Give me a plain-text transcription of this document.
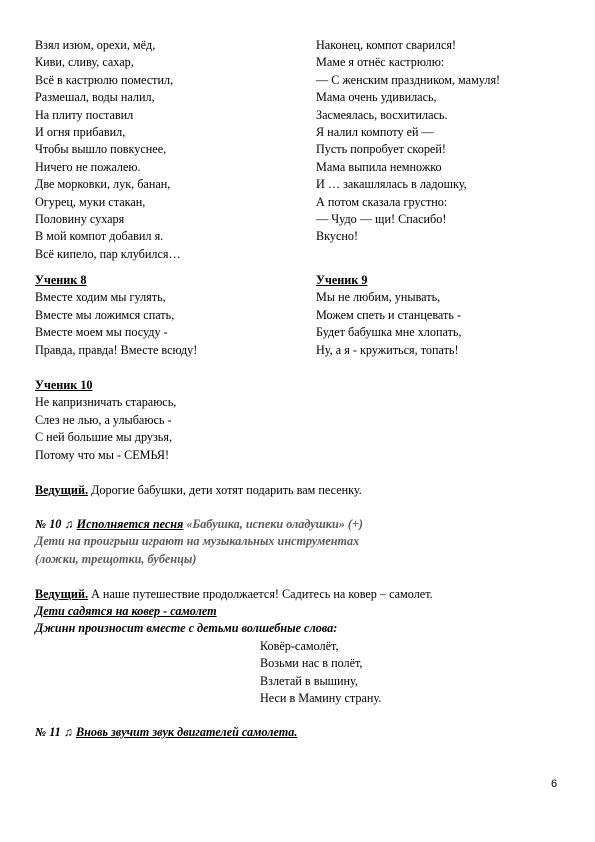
Взял изюм, орехи, мёд,
Киви, сливу, сахар,
Всё в кастрюлю поместил,
Размешал, воды налил,
На плиту поставил
И огня прибавил,
Чтобы вышло повкуснее,
Ничего не пожалею.
Две морковки, лук, банан,
Огурец, муки стакан,
Половину сухаря
В мой компот добавил я.
Всё кипело, пар клубился…
Наконец, компот сварился!
Маме я отнёс кастрюлю:
— С женским праздником, мамуля!
Мама очень удивилась,
Засмеялась, восхитилась.
Я налил компоту ей —
Пусть попробует скорей!
Мама выпила немножко
И … закашлялась в ладошку,
А потом сказала грустно:
— Чудо — щи! Спасибо!
Вкусно!
Ученик 8
Вместе ходим мы гулять,
Вместе мы ложимся спать,
Вместе моем мы посуду -
Правда, правда! Вместе всюду!
Ученик 9
Мы не любим, унывать,
Можем спеть и станцевать -
Будет бабушка мне хлопать,
Ну, а я - кружиться, топать!
Ученик 10
Не капризничать стараюсь,
Слез не лью, а улыбаюсь -
С ней большие мы друзья,
Потому что мы - СЕМЬЯ!
Ведущий. Дорогие бабушки, дети хотят подарить вам песенку.
№ 10 ♫ Исполняется песня «Бабушка, испеки оладушки» (+)
Дети на проигрыш играют на музыкальных инструментах
(ложки, трещотки, бубенцы)
Ведущий. А наше путешествие продолжается! Садитесь на ковер – самолет.
Дети садятся на ковер - самолет
Джинн произносит вместе с детьми волшебные слова:
Ковёр-самолёт,
Возьми нас в полёт,
Взлетай в вышину,
Неси в Мамину страну.
№ 11 ♫ Вновь звучит звук двигателей самолета.
6
